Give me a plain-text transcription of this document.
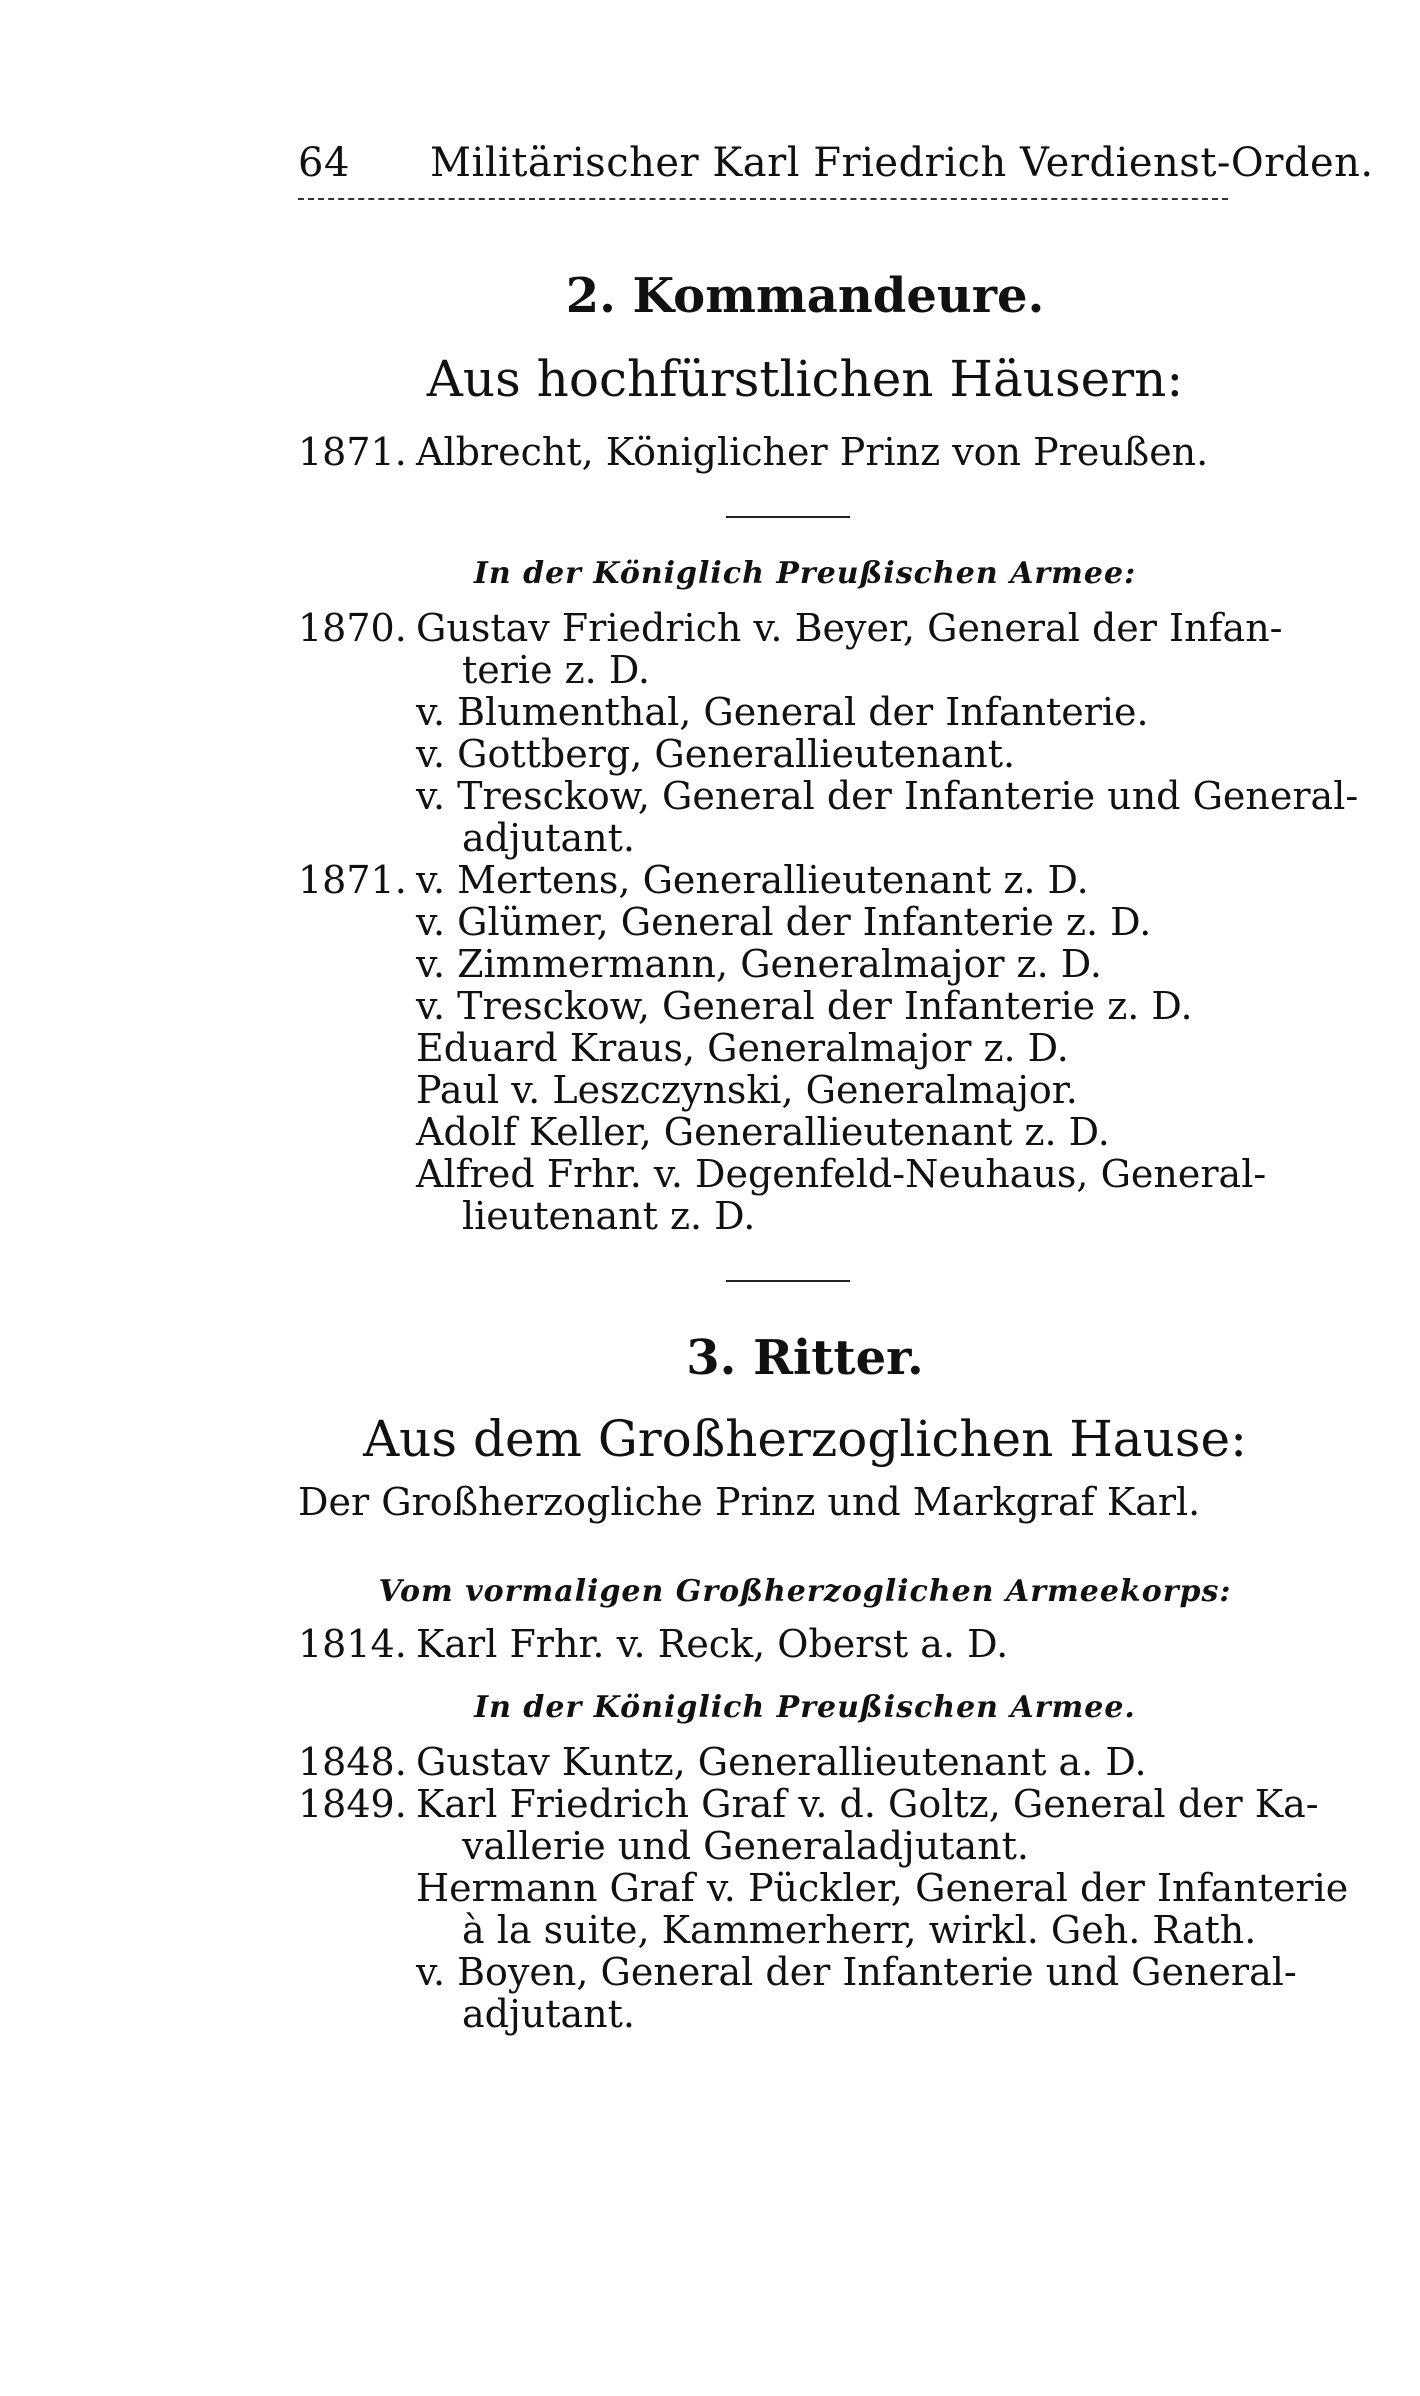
64 Militärischer Karl Friedrich Verdienst-Orden.
2. Kommandeure.
Aus hochfürstlichen Häusern:
1871. Albrecht, Königlicher Prinz von Preußen.
In der Königlich Preußischen Armee:
1870. Gustav Friedrich v. Beyer, General der Infan-
terie z. D.
v. Blumenthal, General der Infanterie.
v. Gottberg, Generallieutenant.
v. Tresckow, General der Infanterie und General-
adjutant.
1871. v. Mertens, Generallieutenant z. D.
v. Glümer, General der Infanterie z. D.
v. Zimmermann, Generalmajor z. D.
v. Tresckow, General der Infanterie z. D.
Eduard Kraus, Generalmajor z. D.
Paul v. Leszczynski, Generalmajor.
Adolf Keller, Generallieutenant z. D.
Alfred Frhr. v. Degenfeld-Neuhaus, General-
lieutenant z. D.
3. Ritter.
Aus dem Großherzoglichen Hause:
Der Großherzogliche Prinz und Markgraf Karl.
Vom vormaligen Großherzoglichen Armeekorps:
1814. Karl Frhr. v. Reck, Oberst a. D.
In der Königlich Preußischen Armee.
1848. Gustav Kuntz, Generallieutenant a. D.
1849. Karl Friedrich Graf v. d. Goltz, General der Ka-
vallerie und Generaladjutant.
Hermann Graf v. Pückler, General der Infanterie
à la suite, Kammerherr, wirkl. Geh. Rath.
v. Boyen, General der Infanterie und General-
adjutant.
